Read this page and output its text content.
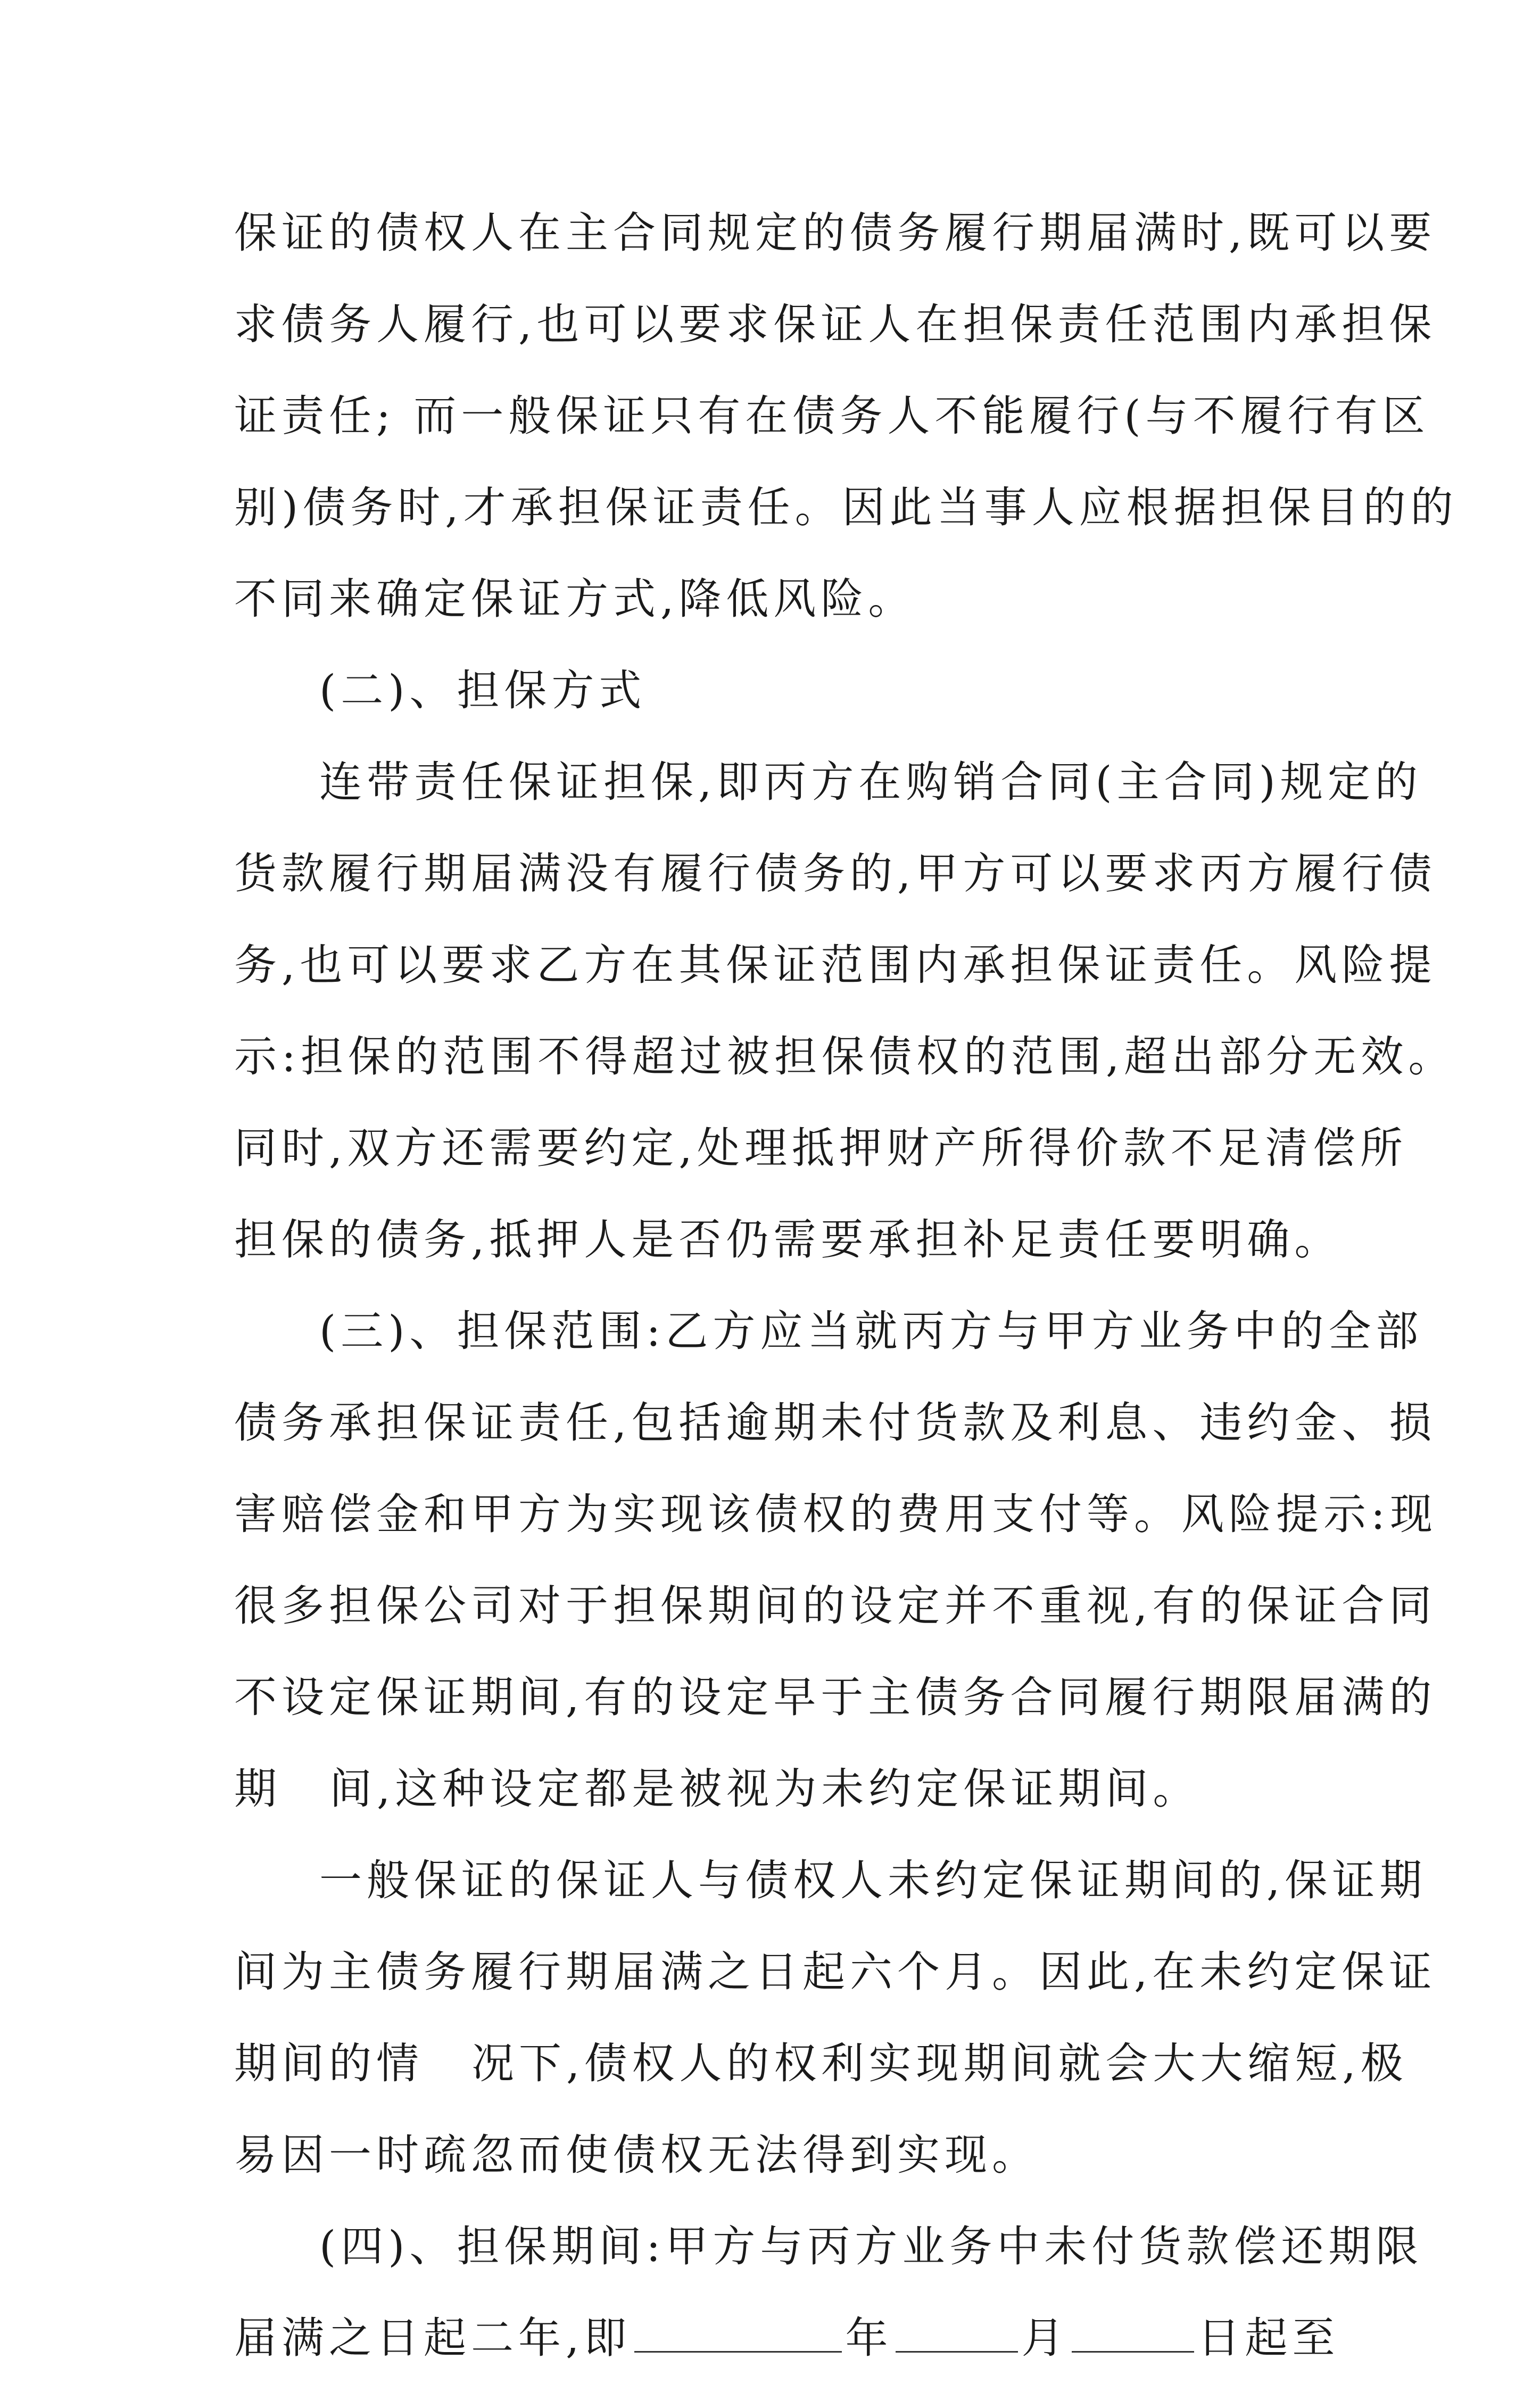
保证的债权人在主合同规定的债务履行期届满时,既可以要
求债务人履行,也可以要求保证人在担保责任范围内承担保
证责任; 而一般保证只有在债务人不能履行(与不履行有区
别)债务时,才承担保证责任。因此当事人应根据担保目的的
不同来确定保证方式,降低风险。
(二)、担保方式
连带责任保证担保,即丙方在购销合同(主合同)规定的
货款履行期届满没有履行债务的,甲方可以要求丙方履行债
务,也可以要求乙方在其保证范围内承担保证责任。风险提
示:担保的范围不得超过被担保债权的范围,超出部分无效。
同时,双方还需要约定,处理抵押财产所得价款不足清偿所
担保的债务,抵押人是否仍需要承担补足责任要明确。
(三)、担保范围:乙方应当就丙方与甲方业务中的全部
债务承担保证责任,包括逾期未付货款及利息、违约金、损
害赔偿金和甲方为实现该债权的费用支付等。风险提示:现
很多担保公司对于担保期间的设定并不重视,有的保证合同
不设定保证期间,有的设定早于主债务合同履行期限届满的
期 间,这种设定都是被视为未约定保证期间。
一般保证的保证人与债权人未约定保证期间的,保证期
间为主债务履行期届满之日起六个月。因此,在未约定保证
期间的情 况下,债权人的权利实现期间就会大大缩短,极
易因一时疏忽而使债权无法得到实现。
(四)、担保期间:甲方与丙方业务中未付货款偿还期限
届满之日起二年,即	年	月	日起至
